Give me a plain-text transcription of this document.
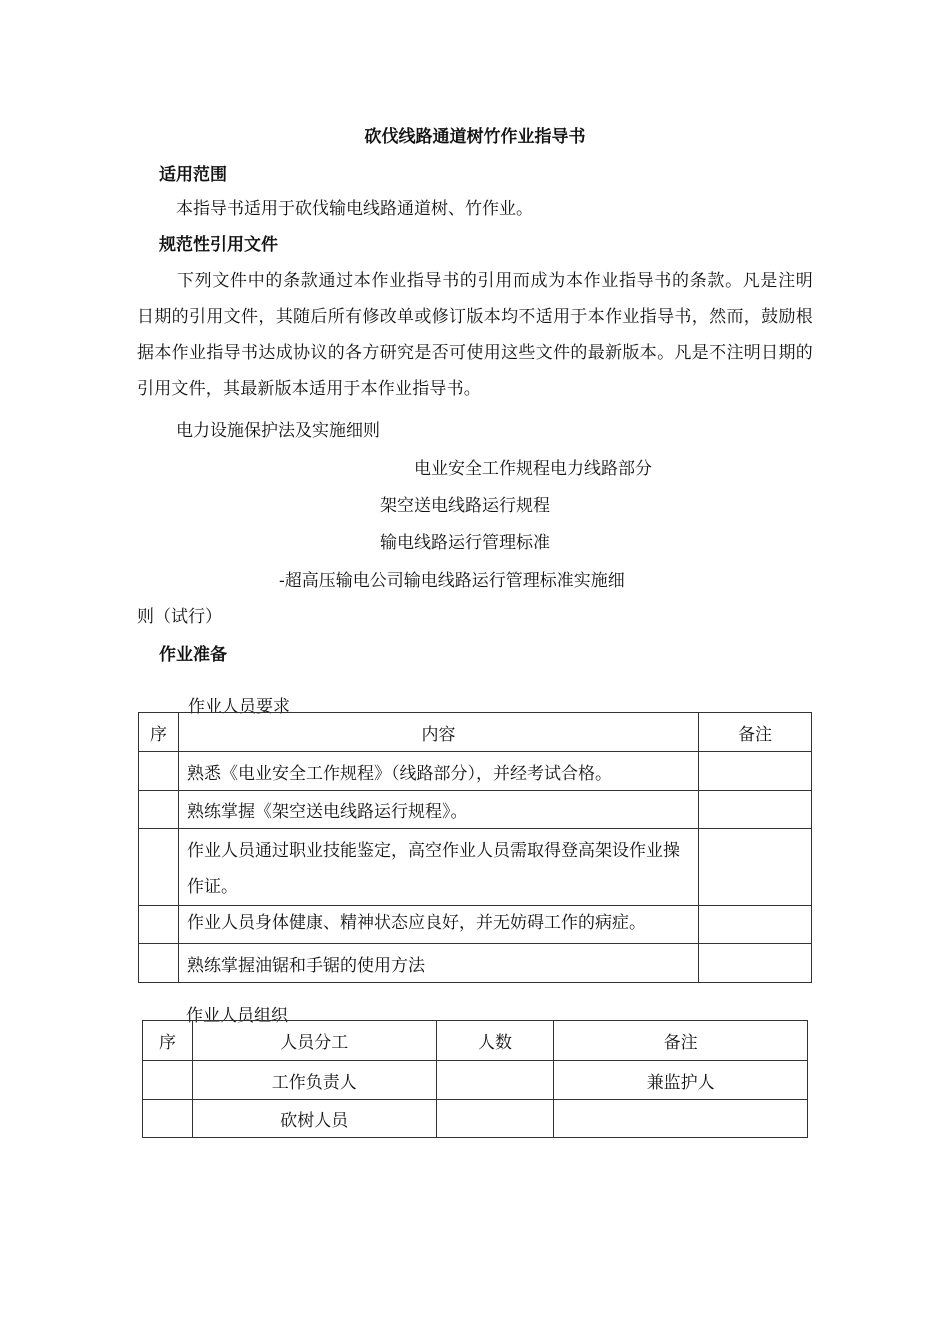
砍伐线路通道树竹作业指导书
适用范围
本指导书适用于砍伐输电线路通道树、竹作业。
规范性引用文件
下列文件中的条款通过本作业指导书的引用而成为本作业指导书的条款。凡是注明日期的引用文件，其随后所有修改单或修订版本均不适用于本作业指导书，然而，鼓励根据本作业指导书达成协议的各方研究是否可使用这些文件的最新版本。凡是不注明日期的引用文件，其最新版本适用于本作业指导书。
电力设施保护法及实施细则
电业安全工作规程电力线路部分
架空送电线路运行规程
输电线路运行管理标准
-超高压输电公司输电线路运行管理标准实施细
则（试行）
作业准备
作业人员要求
序	内容	备注
	熟悉《电业安全工作规程》（线路部分），并经考试合格。	
	熟练掌握《架空送电线路运行规程》。	
	作业人员通过职业技能鉴定，高空作业人员需取得登高架设作业操作证。	

	作业人员身体健康、精神状态应良好，并无妨碍工作的病症。	

	熟练掌握油锯和手锯的使用方法	
作业人员组织
序	人员分工	人数	备注
	工作负责人		兼监护人
	砍树人员		
